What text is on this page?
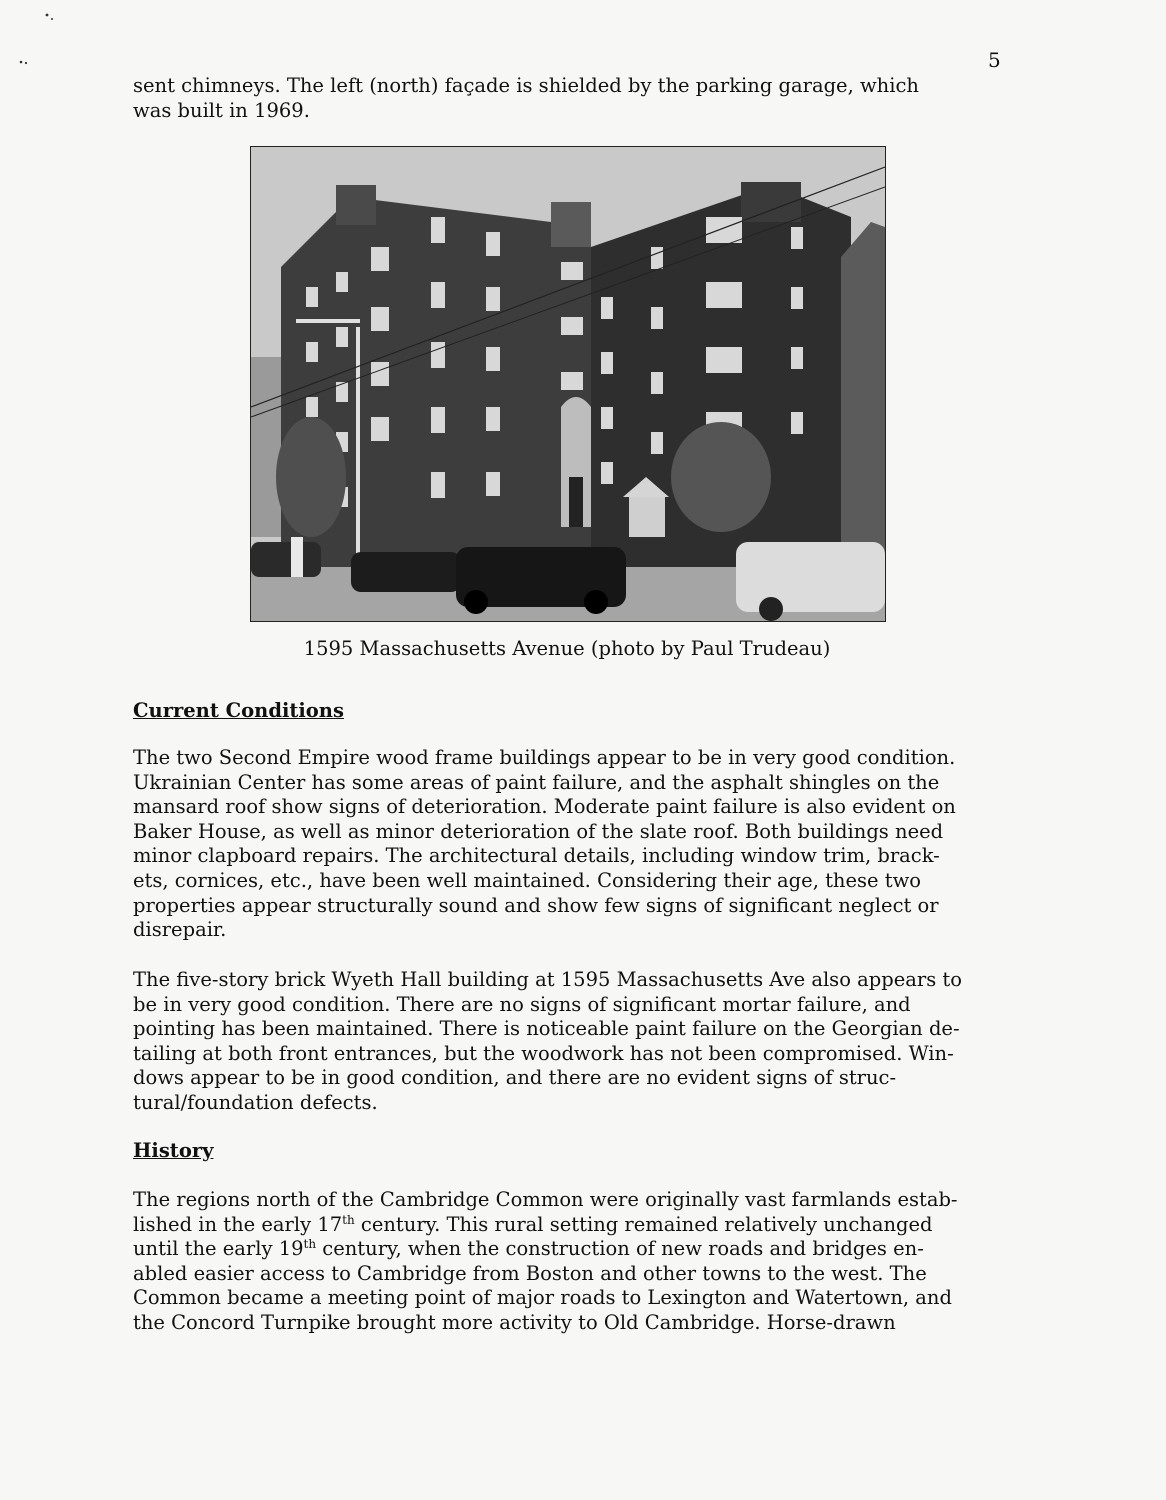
5

sent chimneys. The left (north) façade is shielded by the parking garage, which
was built in 1969.

1595 Massachusetts Avenue (photo by Paul Trudeau)
Current Conditions

The two Second Empire wood frame buildings appear to be in very good condition.
Ukrainian Center has some areas of paint failure, and the asphalt shingles on the
mansard roof show signs of deterioration. Moderate paint failure is also evident on
Baker House, as well as minor deterioration of the slate roof. Both buildings need
minor clapboard repairs. The architectural details, including window trim, brack-
ets, cornices, etc., have been well maintained. Considering their age, these two
properties appear structurally sound and show few signs of significant neglect or
disrepair.

The five-story brick Wyeth Hall building at 1595 Massachusetts Ave also appears to
be in very good condition. There are no signs of significant mortar failure, and
pointing has been maintained. There is noticeable paint failure on the Georgian de-
tailing at both front entrances, but the woodwork has not been compromised. Win-
dows appear to be in good condition, and there are no evident signs of struc-
tural/foundation defects.

History

The regions north of the Cambridge Common were originally vast farmlands estab-
lished in the early 17th century. This rural setting remained relatively unchanged
until the early 19th century, when the construction of new roads and bridges en-
abled easier access to Cambridge from Boston and other towns to the west. The
Common became a meeting point of major roads to Lexington and Watertown, and
the Concord Turnpike brought more activity to Old Cambridge. Horse-drawn
